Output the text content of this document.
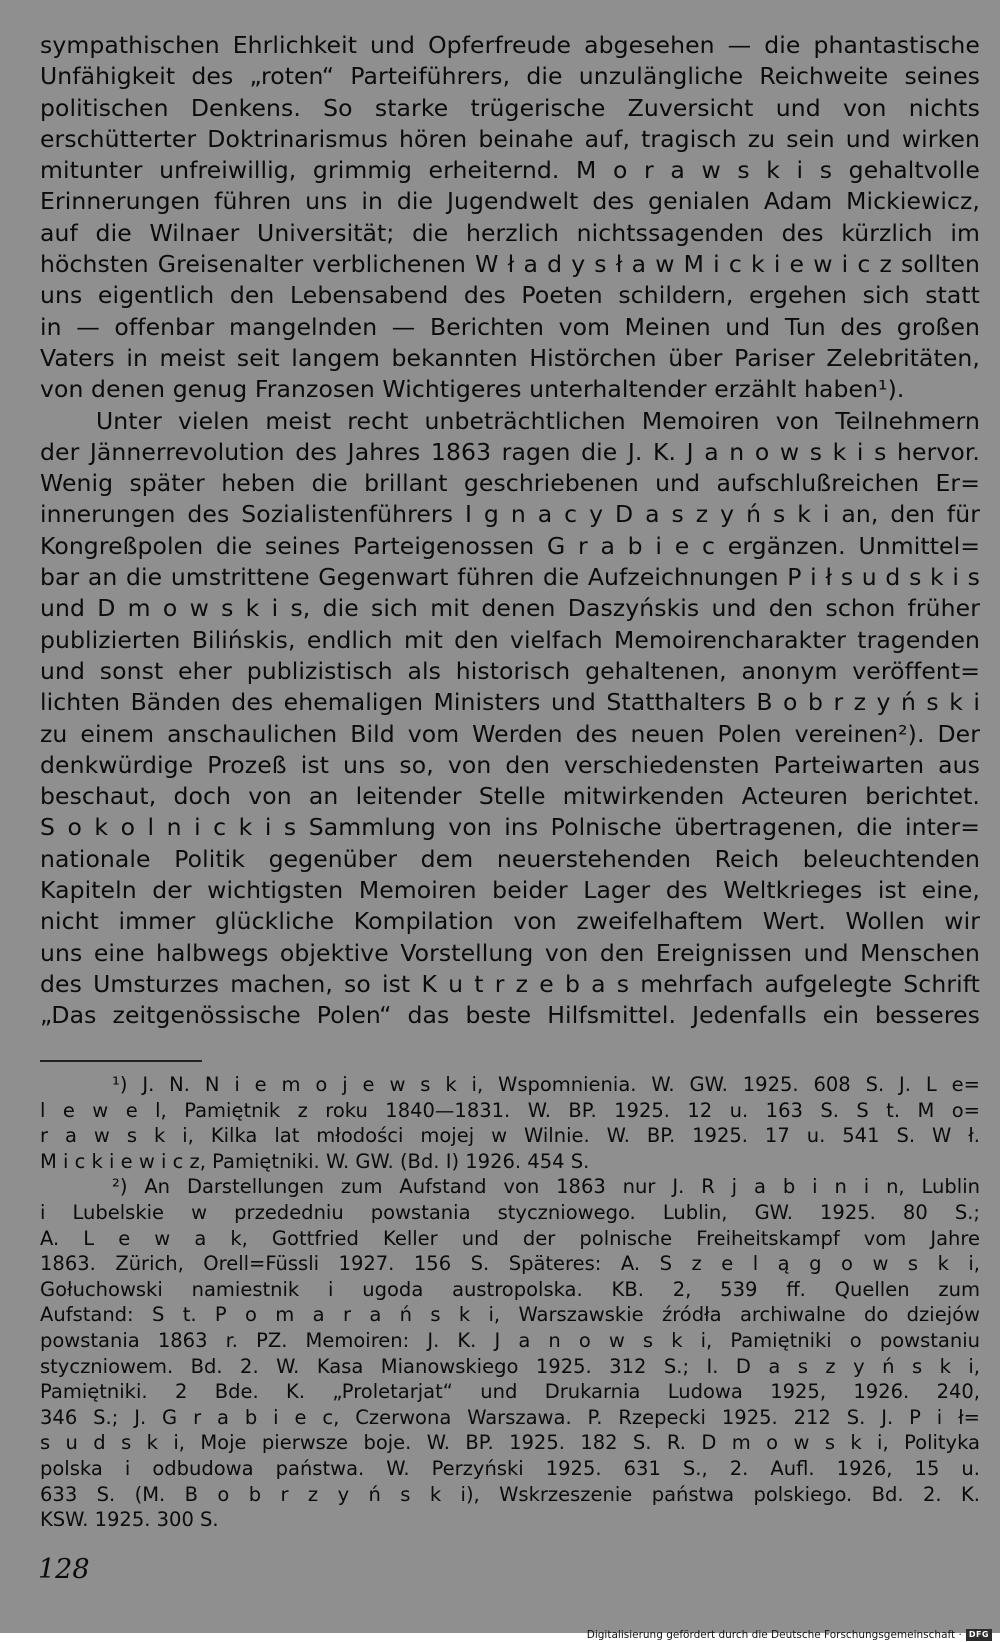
sympathischen Ehrlichkeit und Opferfreude abgesehen — die phantastische
Unfähigkeit des „roten“ Parteiführers, die unzulängliche Reichweite seines
politischen Denkens. So starke trügerische Zuversicht und von nichts
erschütterter Doktrinarismus hören beinahe auf, tragisch zu sein und wirken
mitunter unfreiwillig, grimmig erheiternd. M o r a w s k i s gehaltvolle
Erinnerungen führen uns in die Jugendwelt des genialen Adam Mickiewicz,
auf die Wilnaer Universität; die herzlich nichtssagenden des kürzlich im
höchsten Greisenalter verblichenen W ł a d y s ł a w M i c k i e w i c z sollten
uns eigentlich den Lebensabend des Poeten schildern, ergehen sich statt
in — offenbar mangelnden — Berichten vom Meinen und Tun des großen
Vaters in meist seit langem bekannten Histörchen über Pariser Zelebritäten,
von denen genug Franzosen Wichtigeres unterhaltender erzählt haben¹).
Unter vielen meist recht unbeträchtlichen Memoiren von Teilnehmern
der Jännerrevolution des Jahres 1863 ragen die J. K. J a n o w s k i s hervor.
Wenig später heben die brillant geschriebenen und aufschlußreichen Er=
innerungen des Sozialistenführers I g n a c y D a s z y ń s k i an, den für
Kongreßpolen die seines Parteigenossen G r a b i e c ergänzen. Unmittel=
bar an die umstrittene Gegenwart führen die Aufzeichnungen P i ł s u d s k i s
und D m o w s k i s, die sich mit denen Daszyńskis und den schon früher
publizierten Bilińskis, endlich mit den vielfach Memoirencharakter tragenden
und sonst eher publizistisch als historisch gehaltenen, anonym veröffent=
lichten Bänden des ehemaligen Ministers und Statthalters B o b r z y ń s k i
zu einem anschaulichen Bild vom Werden des neuen Polen vereinen²). Der
denkwürdige Prozeß ist uns so, von den verschiedensten Parteiwarten aus
beschaut, doch von an leitender Stelle mitwirkenden Acteuren berichtet.
S o k o l n i c k i s Sammlung von ins Polnische übertragenen, die inter=
nationale Politik gegenüber dem neuerstehenden Reich beleuchtenden
Kapiteln der wichtigsten Memoiren beider Lager des Weltkrieges ist eine,
nicht immer glückliche Kompilation von zweifelhaftem Wert. Wollen wir
uns eine halbwegs objektive Vorstellung von den Ereignissen und Menschen
des Umsturzes machen, so ist K u t r z e b a s mehrfach aufgelegte Schrift
„Das zeitgenössische Polen“ das beste Hilfsmittel. Jedenfalls ein besseres
¹) J. N. N i e m o j e w s k i, Wspomnienia. W. GW. 1925. 608 S. J. L e=
l e w e l, Pamiętnik z roku 1840—1831. W. BP. 1925. 12 u. 163 S. S t. M o=
r a w s k i, Kilka lat młodości mojej w Wilnie. W. BP. 1925. 17 u. 541 S. W ł.
M i c k i e w i c z, Pamiętniki. W. GW. (Bd. I) 1926. 454 S.
²) An Darstellungen zum Aufstand von 1863 nur J. R j a b i n i n, Lublin
i Lubelskie w przededniu powstania styczniowego. Lublin, GW. 1925. 80 S.;
A. L e w a k, Gottfried Keller und der polnische Freiheitskampf vom Jahre
1863. Zürich, Orell=Füssli 1927. 156 S. Späteres: A. S z e l ą g o w s k i,
Gołuchowski namiestnik i ugoda austropolska. KB. 2, 539 ff. Quellen zum
Aufstand: S t. P o m a r a ń s k i, Warszawskie źródła archiwalne do dziejów
powstania 1863 r. PZ. Memoiren: J. K. J a n o w s k i, Pamiętniki o powstaniu
styczniowem. Bd. 2. W. Kasa Mianowskiego 1925. 312 S.; I. D a s z y ń s k i,
Pamiętniki. 2 Bde. K. „Proletarjat“ und Drukarnia Ludowa 1925, 1926. 240,
346 S.; J. G r a b i e c, Czerwona Warszawa. P. Rzepecki 1925. 212 S. J. P i ł=
s u d s k i, Moje pierwsze boje. W. BP. 1925. 182 S. R. D m o w s k i, Polityka
polska i odbudowa państwa. W. Perzyński 1925. 631 S., 2. Aufl. 1926, 15 u.
633 S. (M. B o b r z y ń s k i), Wskrzeszenie państwa polskiego. Bd. 2. K.
KSW. 1925. 300 S.
128
Digitalisierung gefördert durch die Deutsche Forschungsgemeinschaft · DFG
